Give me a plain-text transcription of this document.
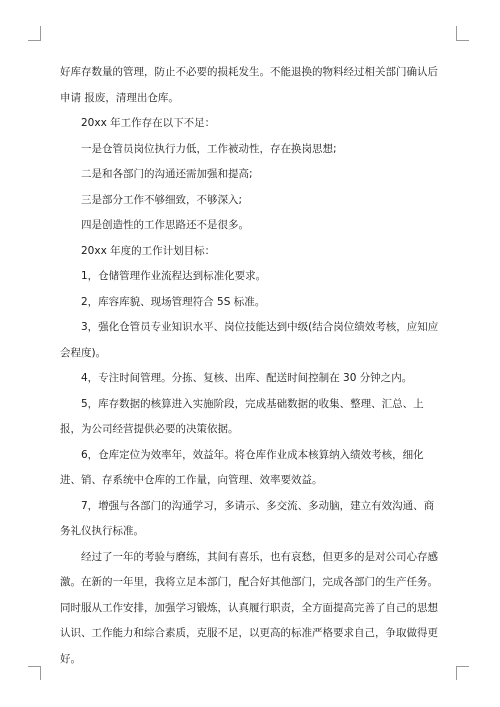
好库存数量的管理，防止不必要的损耗发生。不能退换的物料经过相关部门确认后申请 报废，清理出仓库。

20xx 年工作存在以下不足：

一是仓管员岗位执行力低，工作被动性，存在换岗思想;

二是和各部门的沟通还需加强和提高;

三是部分工作不够细致，不够深入;

四是创造性的工作思路还不是很多。

20xx 年度的工作计划目标：

1，仓储管理作业流程达到标准化要求。

2，库容库貌、现场管理符合 5S 标准。

3，强化仓管员专业知识水平、岗位技能达到中级(结合岗位绩效考核，应知应会程度)。

4，专注时间管理。分拣、复核、出库、配送时间控制在 30 分钟之内。

5，库存数据的核算进入实施阶段，完成基础数据的收集、整理、汇总、上报，为公司经营提供必要的决策依据。

6，仓库定位为效率年，效益年。将仓库作业成本核算纳入绩效考核，细化进、销、存系统中仓库的工作量，向管理、效率要效益。

7，增强与各部门的沟通学习，多请示、多交流、多动脑，建立有效沟通、商务礼仪执行标准。

经过了一年的考验与磨练，其间有喜乐，也有哀愁，但更多的是对公司心存感激。在新的一年里，我将立足本部门，配合好其他部门，完成各部门的生产任务。同时服从工作安排，加强学习锻炼，认真履行职责，全方面提高完善了自己的思想认识、工作能力和综合素质，克服不足，以更高的标准严格要求自己，争取做得更好。
